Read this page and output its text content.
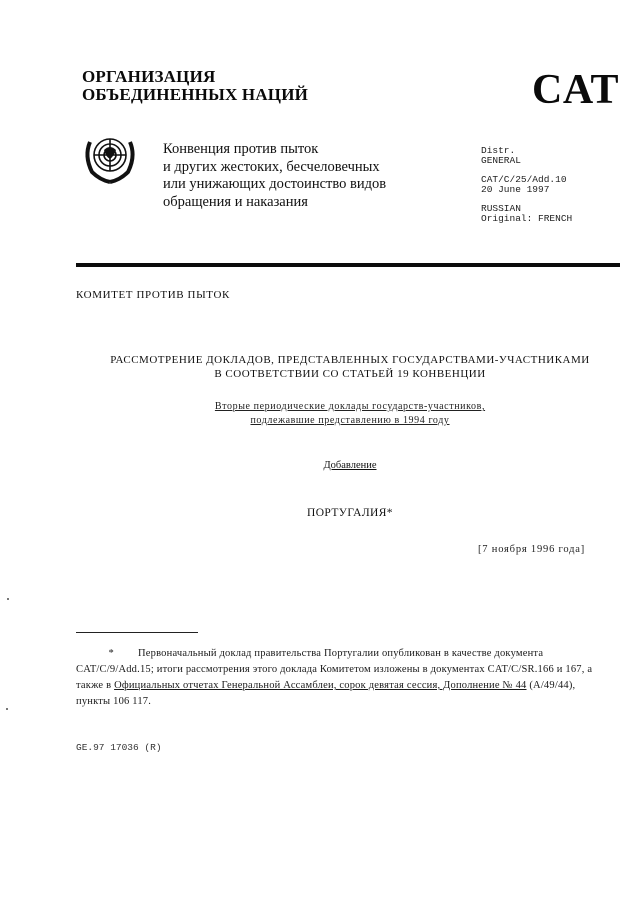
ОРГАНИЗАЦИЯ
ОБЪЕДИНЕННЫХ НАЦИЙ	CAT
Конвенция против пыток
и других жестоких, бесчеловечных
или унижающих достоинство видов
обращения и наказания
Distr.
GENERAL
CAT/C/25/Add.10
20 June 1997
RUSSIAN
Original: FRENCH
КОМИТЕТ ПРОТИВ ПЫТОК
РАССМОТРЕНИЕ ДОКЛАДОВ, ПРЕДСТАВЛЕННЫХ ГОСУДАРСТВАМИ-УЧАСТНИКАМИ
В СООТВЕТСТВИИ СО СТАТЬЕЙ 19 КОНВЕНЦИИ
Вторые периодические доклады государств-участников,
подлежавшие представлению в 1994 году
Добавление
ПОРТУГАЛИЯ*
[7 ноября 1996 года]
* Первоначальный доклад правительства Португалии опубликован в качестве документа CAT/C/9/Add.15; итоги рассмотрения этого доклада Комитетом изложены в документах CAT/C/SR.166 и 167, а также в Официальных отчетах Генеральной Ассамблеи, сорок девятая сессия, Дополнение № 44 (A/49/44), пункты 106 117.
GE.97 17036 (R)
